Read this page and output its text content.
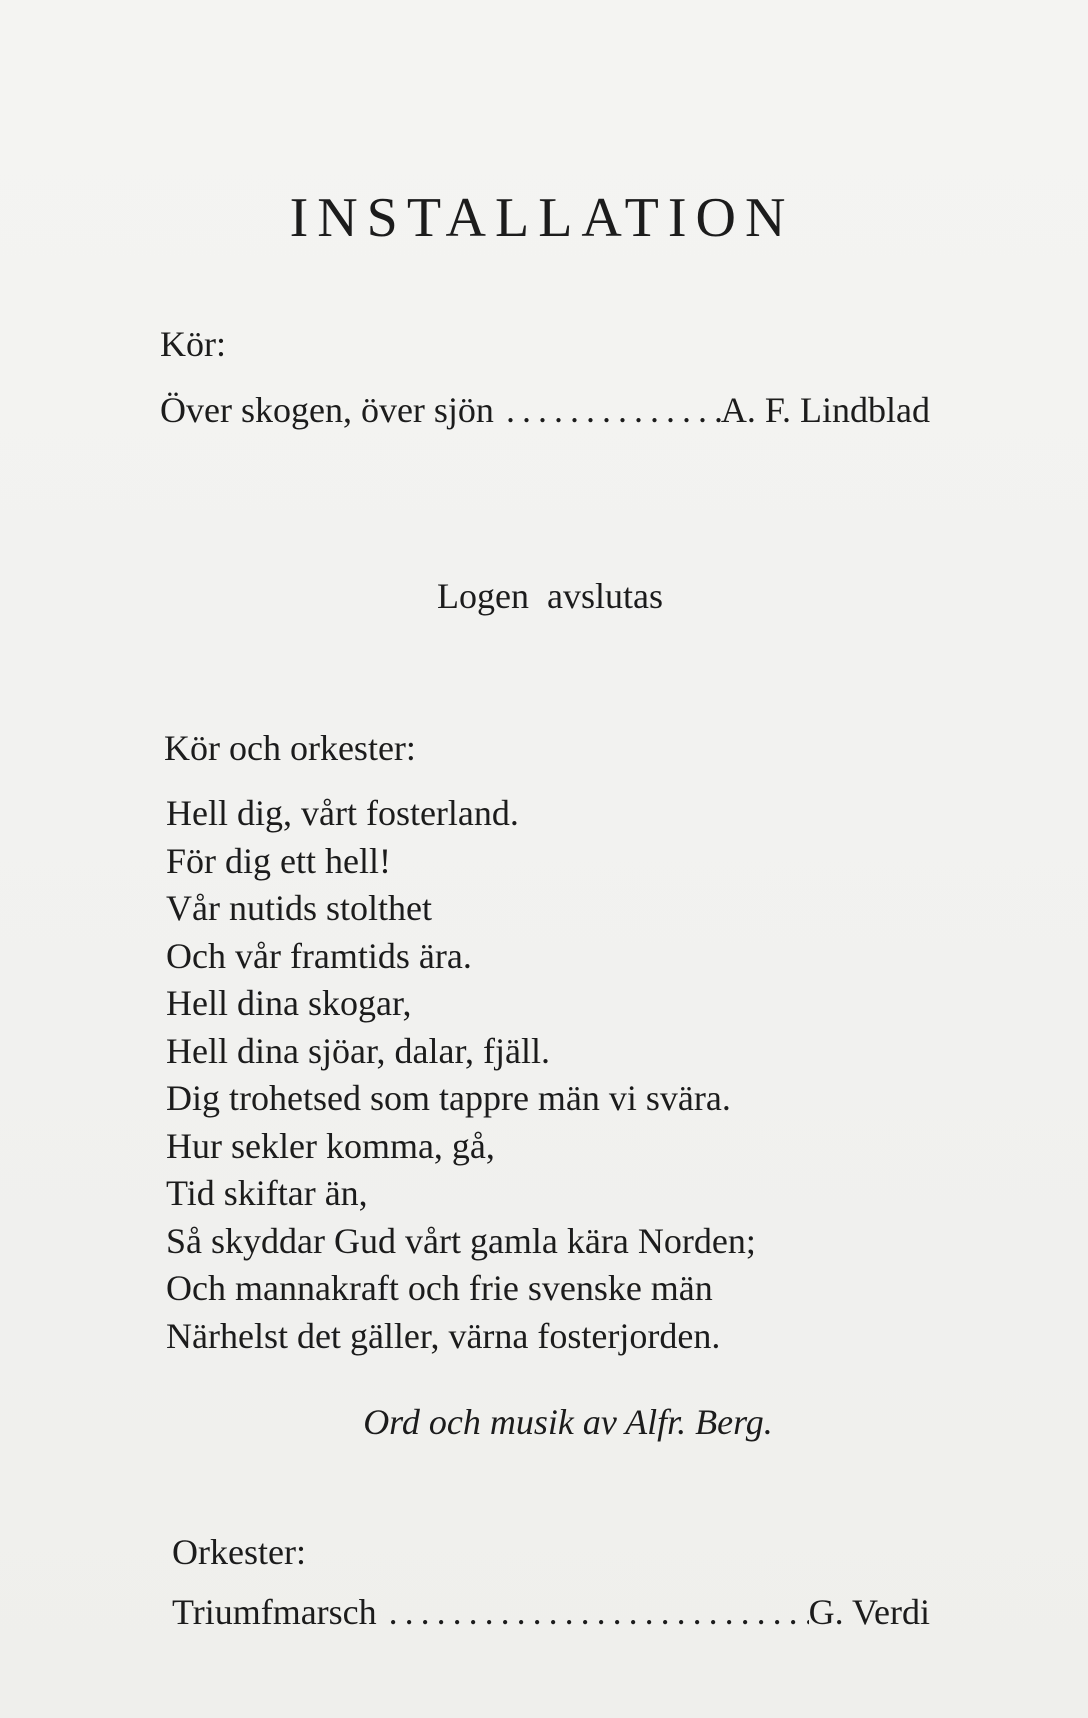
INSTALLATION
Kör:
Över skogen, över sjön . . .	A. F. Lindblad
Logen  avslutas
Kör och orkester:
Hell dig, vårt fosterland.
För dig ett hell!
Vår nutids stolthet
Och vår framtids ära.
Hell dina skogar,
Hell dina sjöar, dalar, fjäll.
Dig trohetsed som tappre män vi svära.
Hur sekler komma, gå,
Tid skiftar än,
Så skyddar Gud vårt gamla kära Norden;
Och mannakraft och frie svenske män
Närhelst det gäller, värna fosterjorden.
Ord och musik av Alfr. Berg.
Orkester:
Triumfmarsch . . .	G. Verdi
